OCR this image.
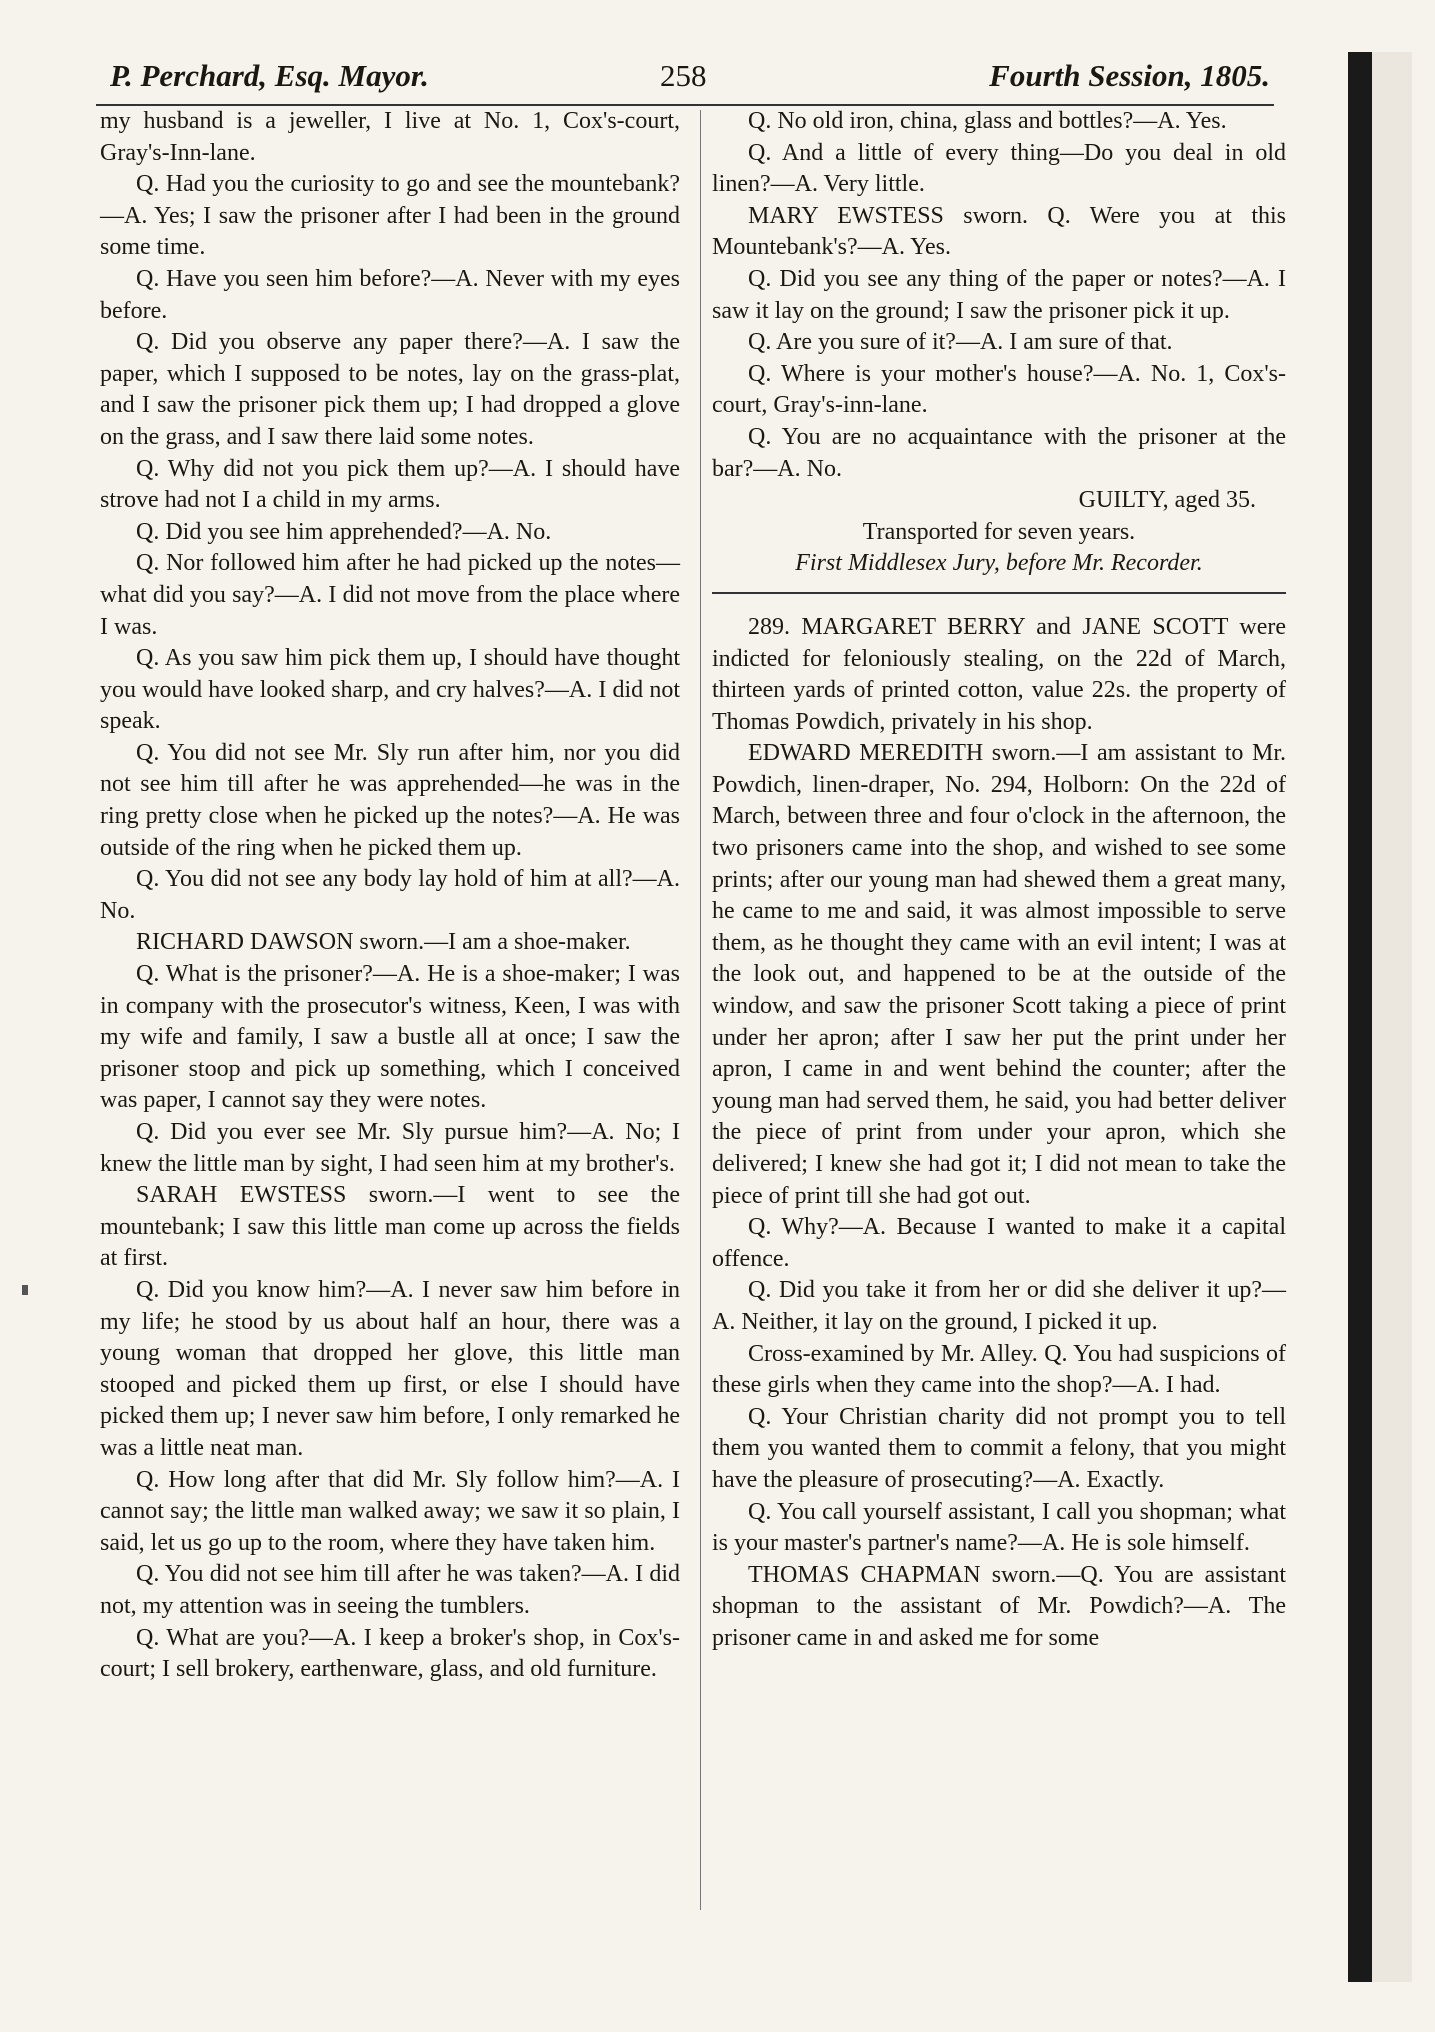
P. Perchard, Esq. Mayor.	258	Fourth Session, 1805.

my husband is a jeweller, I live at No. 1, Cox's-court, Gray's-Inn-lane.

Q. Had you the curiosity to go and see the mountebank?—A. Yes; I saw the prisoner after I had been in the ground some time.

Q. Have you seen him before?—A. Never with my eyes before.

Q. Did you observe any paper there?—A. I saw the paper, which I supposed to be notes, lay on the grass-plat, and I saw the prisoner pick them up; I had dropped a glove on the grass, and I saw there laid some notes.

Q. Why did not you pick them up?—A. I should have strove had not I a child in my arms.

Q. Did you see him apprehended?—A. No.

Q. Nor followed him after he had picked up the notes—what did you say?—A. I did not move from the place where I was.

Q. As you saw him pick them up, I should have thought you would have looked sharp, and cry halves?—A. I did not speak.

Q. You did not see Mr. Sly run after him, nor you did not see him till after he was apprehended—he was in the ring pretty close when he picked up the notes?—A. He was outside of the ring when he picked them up.

Q. You did not see any body lay hold of him at all?—A. No.

RICHARD DAWSON sworn.—I am a shoe-maker.

Q. What is the prisoner?—A. He is a shoe-maker; I was in company with the prosecutor's witness, Keen, I was with my wife and family, I saw a bustle all at once; I saw the prisoner stoop and pick up something, which I conceived was paper, I cannot say they were notes.

Q. Did you ever see Mr. Sly pursue him?—A. No; I knew the little man by sight, I had seen him at my brother's.

SARAH EWSTESS sworn.—I went to see the mountebank; I saw this little man come up across the fields at first.

Q. Did you know him?—A. I never saw him before in my life; he stood by us about half an hour, there was a young woman that dropped her glove, this little man stooped and picked them up first, or else I should have picked them up; I never saw him before, I only remarked he was a little neat man.

Q. How long after that did Mr. Sly follow him?—A. I cannot say; the little man walked away; we saw it so plain, I said, let us go up to the room, where they have taken him.

Q. You did not see him till after he was taken?—A. I did not, my attention was in seeing the tumblers.

Q. What are you?—A. I keep a broker's shop, in Cox's-court; I sell brokery, earthenware, glass, and old furniture.

Q. No old iron, china, glass and bottles?—A. Yes.

Q. And a little of every thing—Do you deal in old linen?—A. Very little.

MARY EWSTESS sworn. Q. Were you at this Mountebank's?—A. Yes.

Q. Did you see any thing of the paper or notes?—A. I saw it lay on the ground; I saw the prisoner pick it up.

Q. Are you sure of it?—A. I am sure of that.

Q. Where is your mother's house?—A. No. 1, Cox's-court, Gray's-inn-lane.

Q. You are no acquaintance with the prisoner at the bar?—A. No.

GUILTY, aged 35.

Transported for seven years.

First Middlesex Jury, before Mr. Recorder.

289. MARGARET BERRY and JANE SCOTT were indicted for feloniously stealing, on the 22d of March, thirteen yards of printed cotton, value 22s. the property of Thomas Powdich, privately in his shop.

EDWARD MEREDITH sworn.—I am assistant to Mr. Powdich, linen-draper, No. 294, Holborn: On the 22d of March, between three and four o'clock in the afternoon, the two prisoners came into the shop, and wished to see some prints; after our young man had shewed them a great many, he came to me and said, it was almost impossible to serve them, as he thought they came with an evil intent; I was at the look out, and happened to be at the outside of the window, and saw the prisoner Scott taking a piece of print under her apron; after I saw her put the print under her apron, I came in and went behind the counter; after the young man had served them, he said, you had better deliver the piece of print from under your apron, which she delivered; I knew she had got it; I did not mean to take the piece of print till she had got out.

Q. Why?—A. Because I wanted to make it a capital offence.

Q. Did you take it from her or did she deliver it up?—A. Neither, it lay on the ground, I picked it up.

Cross-examined by Mr. Alley. Q. You had suspicions of these girls when they came into the shop?—A. I had.

Q. Your Christian charity did not prompt you to tell them you wanted them to commit a felony, that you might have the pleasure of prosecuting?—A. Exactly.

Q. You call yourself assistant, I call you shopman; what is your master's partner's name?—A. He is sole himself.

THOMAS CHAPMAN sworn.—Q. You are assistant shopman to the assistant of Mr. Powdich?—A. The prisoner came in and asked me for some
